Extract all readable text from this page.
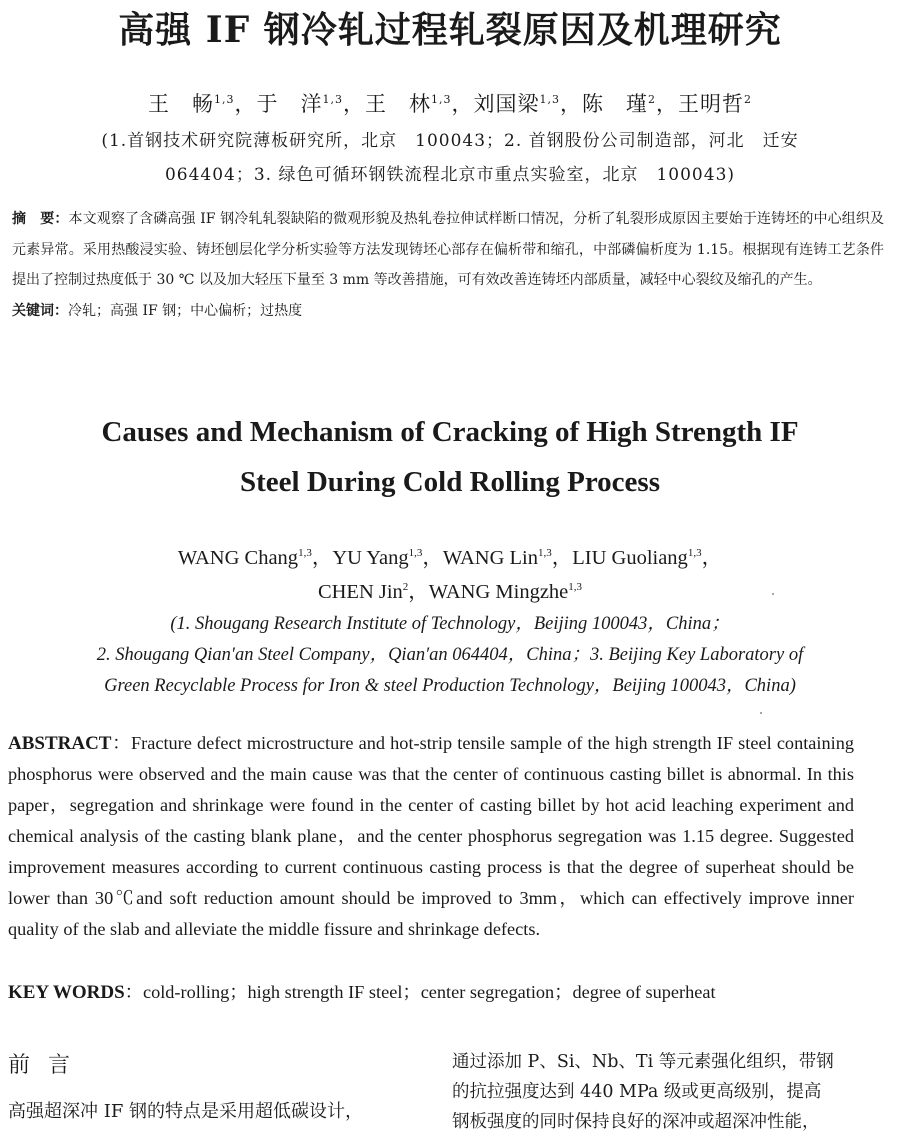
高强 IF 钢冷轧过程轧裂原因及机理研究
王　畅$^{1,3}$，于　洋$^{1,3}$，王　林$^{1,3}$，刘国梁$^{1,3}$，陈　瑾$^2$，王明哲$^2$
(1.首钢技术研究院薄板研究所，北京　100043；2. 首钢股份公司制造部，河北　迁安
064404；3. 绿色可循环钢铁流程北京市重点实验室，北京　100043)
摘　要：本文观察了含磷高强 IF 钢冷轧轧裂缺陷的微观形貌及热轧卷拉伸试样断口情况，分析了轧裂形成原因主要始于连铸坯的中心组织及元素异常。采用热酸浸实验、铸坯刨层化学分析实验等方法发现铸坯心部存在偏析带和缩孔，中部磷偏析度为 1.15。根据现有连铸工艺条件提出了控制过热度低于 30 ℃ 以及加大轻压下量至 3 mm 等改善措施，可有效改善连铸坯内部质量，减轻中心裂纹及缩孔的产生。
关键词：冷轧；高强 IF 钢；中心偏析；过热度
Causes and Mechanism of Cracking of High Strength IF
Steel During Cold Rolling Process
WANG Chang$^{1,3}$，YU Yang$^{1,3}$，WANG Lin$^{1,3}$，LIU Guoliang$^{1,3}$，
CHEN Jin$^2$，WANG Mingzhe$^{1,3}$
(1. Shougang Research Institute of Technology，Beijing 100043，China；
2. Shougang Qian′an Steel Company，Qian′an 064404，China；3. Beijing Key Laboratory of
Green Recyclable Process for Iron & steel Production Technology，Beijing 100043，China)
ABSTRACT：Fracture defect microstructure and hot-strip tensile sample of the high strength IF steel containing phosphorus were observed and the main cause was that the center of continuous casting billet is abnormal. In this paper，segregation and shrinkage were found in the center of casting billet by hot acid leaching experiment and chemical analysis of the casting blank plane，and the center phosphorus segregation was 1.15 degree. Suggested improvement measures according to current continuous casting process is that the degree of superheat should be lower than 30℃and soft reduction amount should be improved to 3mm，which can effectively improve inner quality of the slab and alleviate the middle fissure and shrinkage defects.
KEY WORDS：cold-rolling；high strength IF steel；center segregation；degree of superheat
前言
高强超深冲 IF 钢的特点是采用超低碳设计，
通过添加 P、Si、Nb、Ti 等元素强化组织，带钢
的抗拉强度达到 440 MPa 级或更高级别，提高
钢板强度的同时保持良好的深冲或超深冲性能，
